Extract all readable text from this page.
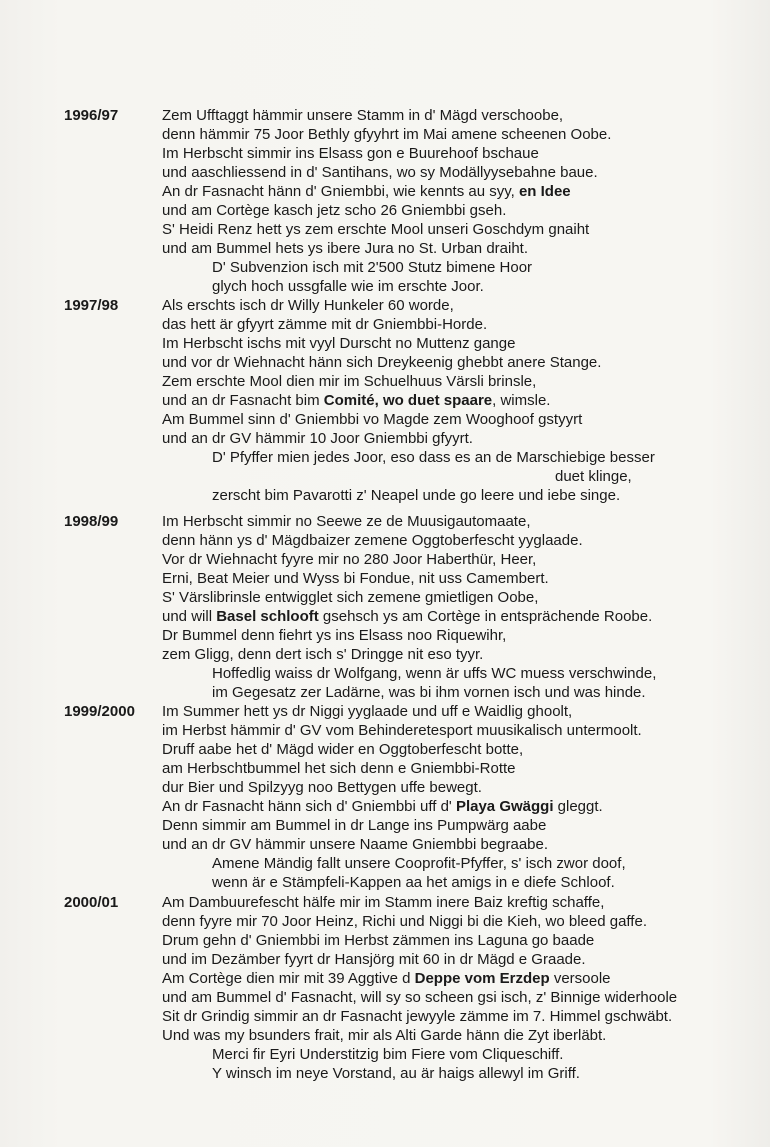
1996/97	Zem Ufftaggt hämmir unsere Stamm in d' Mägd verschoobe,
denn hämmir 75 Joor Bethly gfyyhrt im Mai amene scheenen Oobe.
Im Herbscht simmir ins Elsass gon e Buurehoof bschaue
und aaschliessend in d' Santihans, wo sy Modällyysebahne baue.
An dr Fasnacht hänn d' Gniembbi, wie kennts au syy, en Idee
und am Cortège kasch jetz scho 26 Gniembbi gseh.
S' Heidi Renz hett ys zem erschte Mool unseri Goschdym gnaiht
und am Bummel hets ys ibere Jura no St. Urban draiht.
D' Subvenzion isch mit 2'500 Stutz bimene Hoor
glych hoch ussgfalle wie im erschte Joor.
1997/98	Als erschts isch dr Willy Hunkeler 60 worde,
das hett är gfyyrt zämme mit dr Gniembbi-Horde.
Im Herbscht ischs mit vyyl Durscht no Muttenz gange
und vor dr Wiehnacht hänn sich Dreykeenig ghebbt anere Stange.
Zem erschte Mool dien mir im Schuelhuus Värsli brinsle,
und an dr Fasnacht bim Comité, wo duet spaare, wimsle.
Am Bummel sinn d' Gniembbi vo Magde zem Wooghoof gstyyrt
und an dr GV hämmir 10 Joor Gniembbi gfyyrt.
D' Pfyffer mien jedes Joor, eso dass es an de Marschiebige besser
duet klinge,
zerscht bim Pavarotti z' Neapel unde go leere und iebe singe.
1998/99	Im Herbscht simmir no Seewe ze de Muusigautomaate,
denn hänn ys d' Mägdbaizer zemene Oggtoberfescht yyglaade.
Vor dr Wiehnacht fyyre mir no 280 Joor Haberthür, Heer,
Erni, Beat Meier und Wyss bi Fondue, nit uss Camembert.
S' Värslibrinsle entwigglet sich zemene gmietligen Oobe,
und will Basel schlooft gsehsch ys am Cortège in entsprächende Roobe.
Dr Bummel denn fiehrt ys ins Elsass noo Riquewihr,
zem Gligg, denn dert isch s' Dringge nit eso tyyr.
Hoffedlig waiss dr Wolfgang, wenn är uffs WC muess verschwinde,
im Gegesatz zer Ladärne, was bi ihm vornen isch und was hinde.
1999/2000 Im Summer hett ys dr Niggi yyglaade und uff e Waidlig ghoolt,
im Herbst hämmir d' GV vom Behinderetesport muusikalisch untermoolt.
Druff aabe het d' Mägd wider en Oggtoberfescht botte,
am Herbschtbummel het sich denn e Gniembbi-Rotte
dur Bier und Spilzyyg noo Bettygen uffe bewegt.
An dr Fasnacht hänn sich d' Gniembbi uff d' Playa Gwäggi gleggt.
Denn simmir am Bummel in dr Lange ins Pumpwärg aabe
und an dr GV hämmir unsere Naame Gniembbi begraabe.
Amene Mändig fallt unsere Cooprofit-Pfyffer, s' isch zwor doof,
wenn är e Stämpfeli-Kappen aa het amigs in e diefe Schloof.
2000/01	Am Dambuurefescht hälfe mir im Stamm inere Baiz kreftig schaffe,
denn fyyre mir 70 Joor Heinz, Richi und Niggi bi die Kieh, wo bleed gaffe.
Drum gehn d' Gniembbi im Herbst zämmen ins Laguna go baade
und im Dezämber fyyrt dr Hansjörg mit 60 in dr Mägd e Graade.
Am Cortège dien mir mit 39 Aggtive d Deppe vom Erzdep versoole
und am Bummel d' Fasnacht, will sy so scheen gsi isch, z' Binnige widerhoole
Sit dr Grindig simmir an dr Fasnacht jewyyle zämme im 7. Himmel gschwäbt.
Und was my bsunders frait, mir als Alti Garde hänn die Zyt iberläbt.
Merci fir Eyri Understitzig bim Fiere vom Cliqueschiff.
Y winsch im neye Vorstand, au är haigs allewyl im Griff.
